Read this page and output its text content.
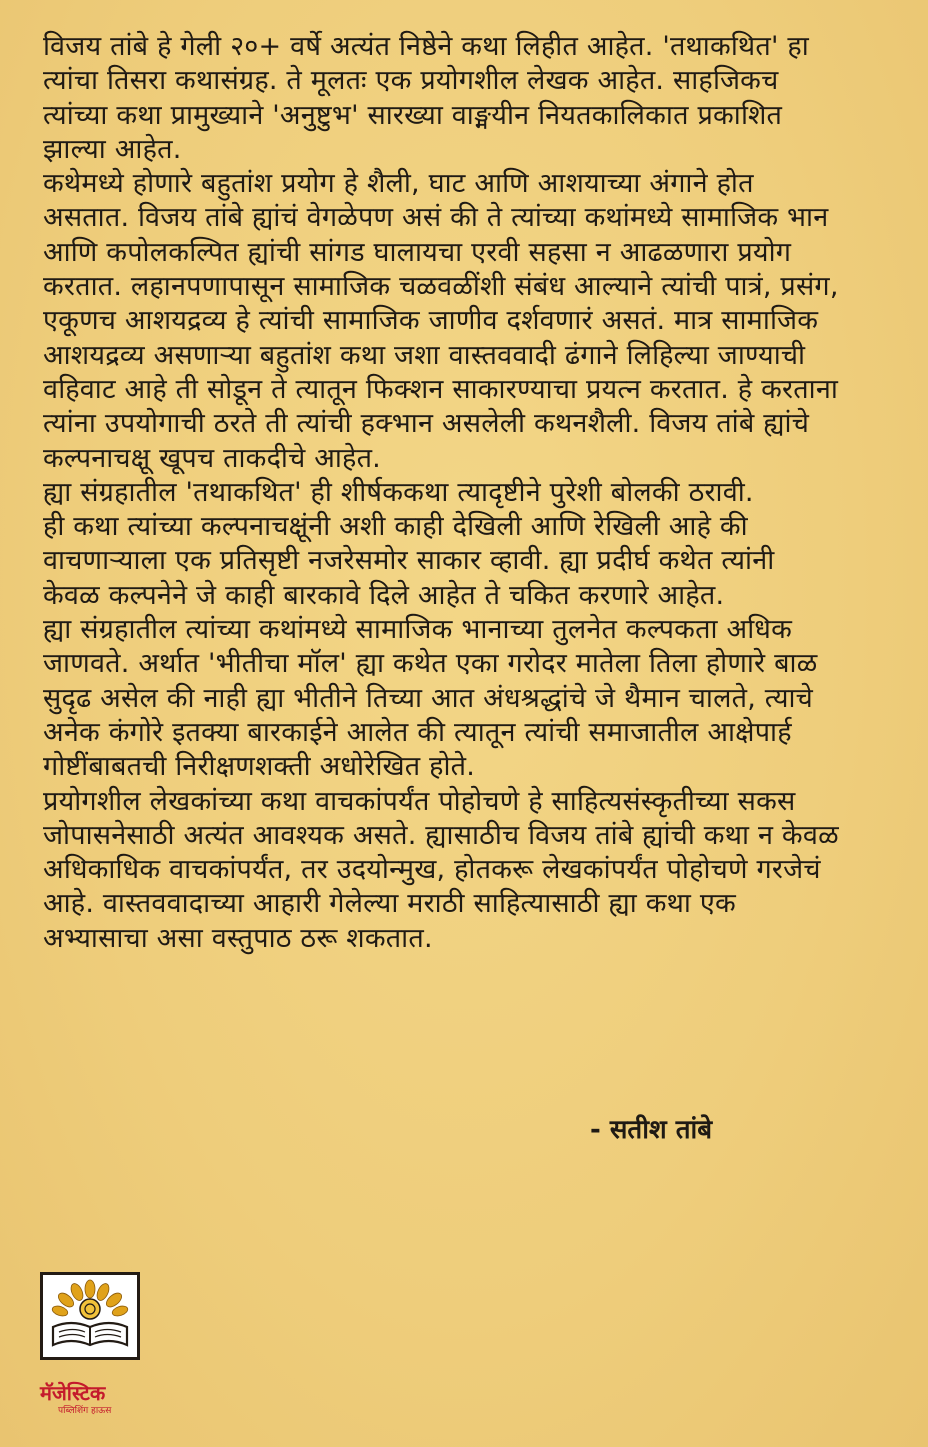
विजय तांबे हे गेली २०+ वर्षे अत्यंत निष्ठेने कथा लिहीत आहेत. 'तथाकथित' हा
त्यांचा तिसरा कथासंग्रह. ते मूलतः एक प्रयोगशील लेखक आहेत. साहजिकच
त्यांच्या कथा प्रामुख्याने 'अनुष्टुभ' सारख्या वाङ्मयीन नियतकालिकात प्रकाशित
झाल्या आहेत.

कथेमध्ये होणारे बहुतांश प्रयोग हे शैली, घाट आणि आशयाच्या अंगाने होत
असतात. विजय तांबे ह्यांचं वेगळेपण असं की ते त्यांच्या कथांमध्ये सामाजिक भान
आणि कपोलकल्पित ह्यांची सांगड घालायचा एरवी सहसा न आढळणारा प्रयोग
करतात. लहानपणापासून सामाजिक चळवळींशी संबंध आल्याने त्यांची पात्रं, प्रसंग,
एकूणच आशयद्रव्य हे त्यांची सामाजिक जाणीव दर्शवणारं असतं. मात्र सामाजिक
आशयद्रव्य असणाऱ्या बहुतांश कथा जशा वास्तववादी ढंगाने लिहिल्या जाण्याची
वहिवाट आहे ती सोडून ते त्यातून फिक्शन साकारण्याचा प्रयत्न करतात. हे करताना
त्यांना उपयोगाची ठरते ती त्यांची हक्भान असलेली कथनशैली. विजय तांबे ह्यांचे
कल्पनाचक्षू खूपच ताकदीचे आहेत.

ह्या संग्रहातील 'तथाकथित' ही शीर्षककथा त्यादृष्टीने पुरेशी बोलकी ठरावी.
ही कथा त्यांच्या कल्पनाचक्षूंनी अशी काही देखिली आणि रेखिली आहे की
वाचणाऱ्याला एक प्रतिसृष्टी नजरेसमोर साकार व्हावी. ह्या प्रदीर्घ कथेत त्यांनी
केवळ कल्पनेने जे काही बारकावे दिले आहेत ते चकित करणारे आहेत.

ह्या संग्रहातील त्यांच्या कथांमध्ये सामाजिक भानाच्या तुलनेत कल्पकता अधिक
जाणवते. अर्थात 'भीतीचा मॉल' ह्या कथेत एका गरोदर मातेला तिला होणारे बाळ
सुदृढ असेल की नाही ह्या भीतीने तिच्या आत अंधश्रद्धांचे जे थैमान चालते, त्याचे
अनेक कंगोरे इतक्या बारकाईने आलेत की त्यातून त्यांची समाजातील आक्षेपार्ह
गोष्टींबाबतची निरीक्षणशक्ती अधोरेखित होते.

प्रयोगशील लेखकांच्या कथा वाचकांपर्यंत पोहोचणे हे साहित्यसंस्कृतीच्या सकस
जोपासनेसाठी अत्यंत आवश्यक असते. ह्यासाठीच विजय तांबे ह्यांची कथा न केवळ
अधिकाधिक वाचकांपर्यंत, तर उदयोन्मुख, होतकरू लेखकांपर्यंत पोहोचणे गरजेचं
आहे. वास्तववादाच्या आहारी गेलेल्या मराठी साहित्यासाठी ह्या कथा एक
अभ्यासाचा असा वस्तुपाठ ठरू शकतात.

- सतीश तांबे

मॅजेस्टिक

पब्लिशिंग हाऊस
